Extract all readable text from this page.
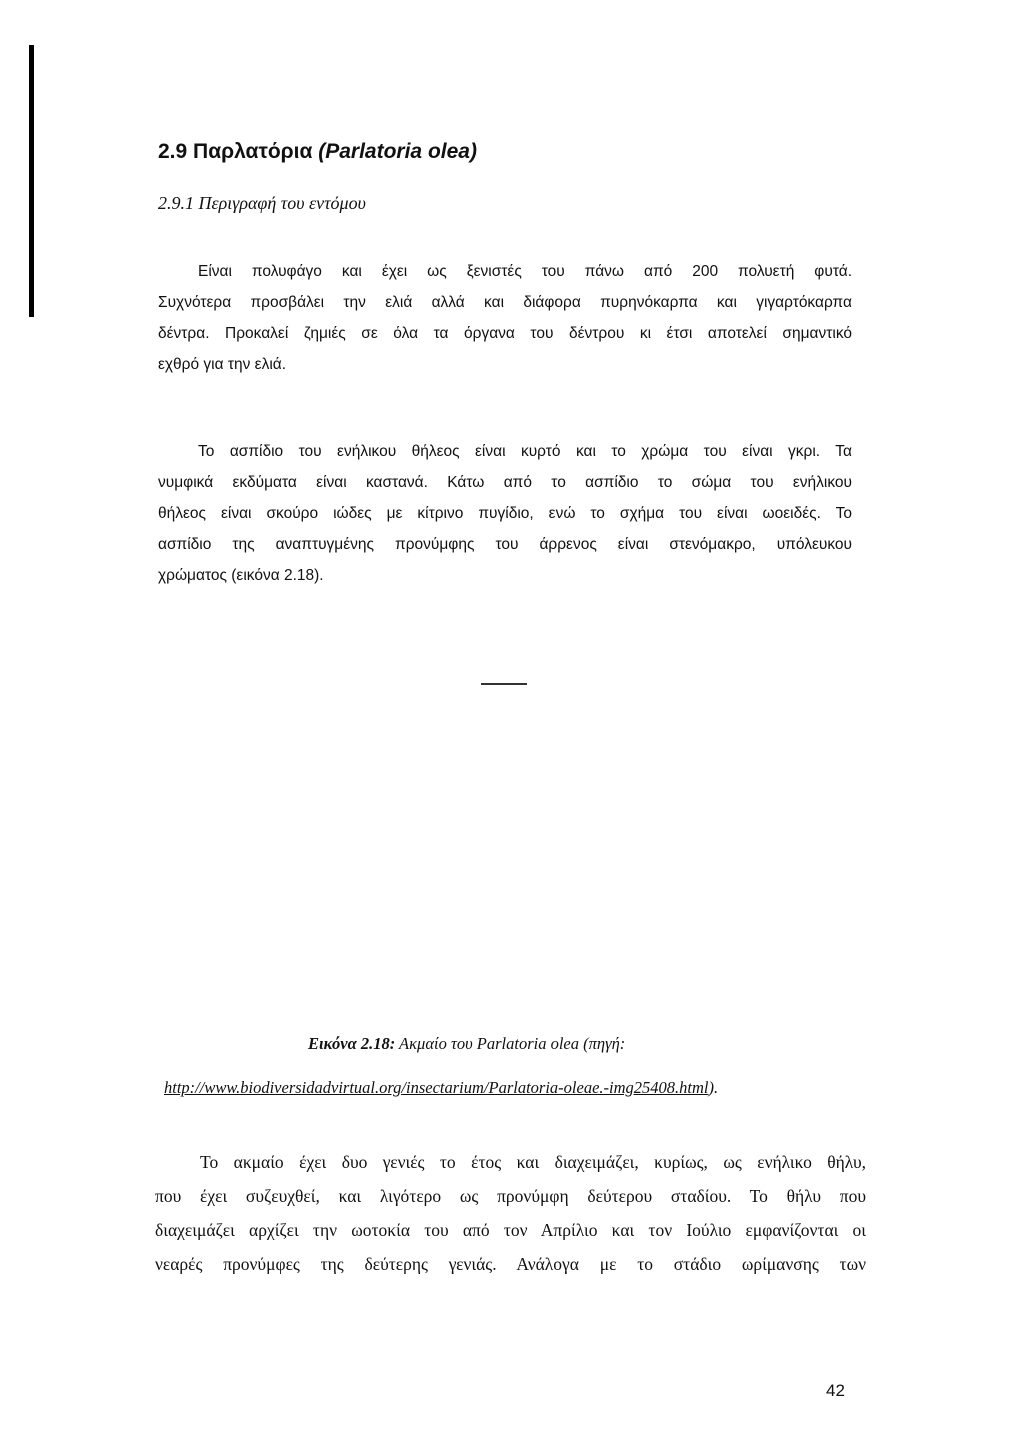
2.9 Παρλατόρια (Parlatoria olea)
2.9.1 Περιγραφή του εντόμου
Είναι πολυφάγο και έχει ως ξενιστές του πάνω από 200 πολυετή φυτά.
Συχνότερα προσβάλει την ελιά αλλά και διάφορα πυρηνόκαρπα και γιγαρτόκαρπα
δέντρα. Προκαλεί ζημιές σε όλα τα όργανα του δέντρου κι έτσι αποτελεί σημαντικό
εχθρό για την ελιά.
Το ασπίδιο του ενήλικου θήλεος είναι κυρτό και το χρώμα του είναι γκρι. Τα
νυμφικά εκδύματα είναι καστανά. Κάτω από το ασπίδιο το σώμα του ενήλικου
θήλεος είναι σκούρο ιώδες με κίτρινο πυγίδιο, ενώ το σχήμα του είναι ωοειδές. Το
ασπίδιο της αναπτυγμένης προνύμφης του άρρενος είναι στενόμακρο, υπόλευκου
χρώματος (εικόνα 2.18).
Εικόνα 2.18: Ακμαίο του Parlatoria olea (πηγή:
http://www.biodiversidadvirtual.org/insectarium/Parlatoria-oleae.-img25408.html).
Το ακμαίο έχει δυο γενιές το έτος και διαχειμάζει, κυρίως, ως ενήλικο θήλυ,
που έχει συζευχθεί, και λιγότερο ως προνύμφη δεύτερου σταδίου. Το θήλυ που
διαχειμάζει αρχίζει την ωοτοκία του από τον Απρίλιο και τον Ιούλιο εμφανίζονται οι
νεαρές προνύμφες της δεύτερης γενιάς. Ανάλογα με το στάδιο ωρίμανσης των
42
